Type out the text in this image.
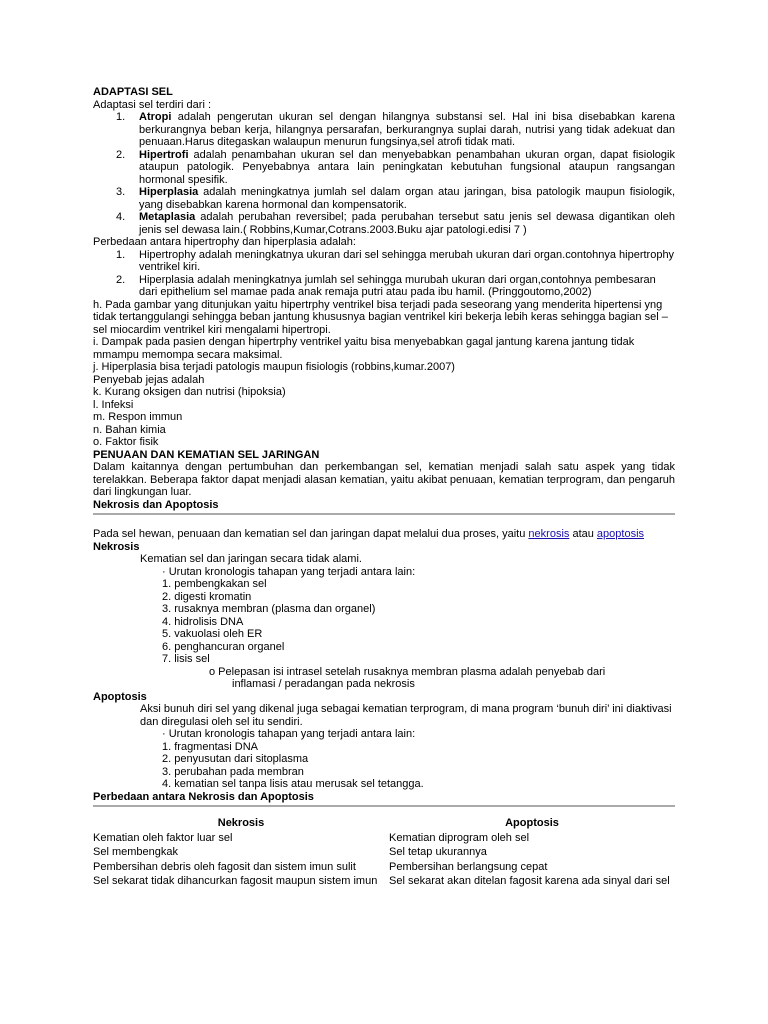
ADAPTASI SEL

Adaptasi sel terdiri dari :

1. Atropi adalah pengerutan ukuran sel dengan hilangnya substansi sel. Hal ini bisa disebabkan karena berkurangnya beban kerja, hilangnya persarafan, berkurangnya suplai darah, nutrisi yang tidak adekuat dan penuaan.Harus ditegaskan walaupun menurun fungsinya,sel atrofi tidak mati.
2. Hipertrofi adalah penambahan ukuran sel dan menyebabkan penambahan ukuran organ, dapat fisiologik ataupun patologik. Penyebabnya antara lain peningkatan kebutuhan fungsional ataupun rangsangan hormonal spesifik.
3. Hiperplasia adalah meningkatnya jumlah sel dalam organ atau jaringan, bisa patologik maupun fisiologik, yang disebabkan karena hormonal dan kompensatorik.
4. Metaplasia adalah perubahan reversibel; pada perubahan tersebut satu jenis sel dewasa digantikan oleh jenis sel dewasa lain.( Robbins,Kumar,Cotrans.2003.Buku ajar patologi.edisi 7 )

Perbedaan antara hipertrophy dan hiperplasia adalah:

1. Hipertrophy adalah meningkatnya ukuran dari sel sehingga merubah ukuran dari organ.contohnya hipertrophy ventrikel kiri.
2. Hiperplasia adalah meningkatnya jumlah sel sehingga murubah ukuran dari organ,contohnya pembesaran dari epithelium sel mamae pada anak remaja putri atau pada ibu hamil. (Pringgoutomo,2002)

h. Pada gambar yang ditunjukan yaitu hipertrphy ventrikel bisa terjadi pada seseorang yang menderita hipertensi yng tidak tertanggulangi sehingga beban jantung khususnya bagian ventrikel kiri bekerja lebih keras sehingga bagian sel –sel miocardim ventrikel kiri mengalami hipertropi.

i. Dampak pada pasien dengan hipertrphy ventrikel yaitu bisa menyebabkan gagal jantung karena jantung tidak mmampu memompa secara maksimal.

j. Hiperplasia bisa terjadi patologis maupun fisiologis (robbins,kumar.2007)

Penyebab jejas adalah

k. Kurang oksigen dan nutrisi (hipoksia)

l. Infeksi

m. Respon immun

n. Bahan kimia

o. Faktor fisik

PENUAAN DAN KEMATIAN SEL JARINGAN

Dalam kaitannya dengan pertumbuhan dan perkembangan sel, kematian menjadi salah satu aspek yang tidak terelakkan. Beberapa faktor dapat menjadi alasan kematian, yaitu akibat penuaan, kematian terprogram, dan pengaruh dari lingkungan luar.

Nekrosis dan Apoptosis

Pada sel hewan, penuaan dan kematian sel dan jaringan dapat melalui dua proses, yaitu nekrosis atau apoptosis

Nekrosis

Kematian sel dan jaringan secara tidak alami.

· Urutan kronologis tahapan yang terjadi antara lain:

1. pembengkakan sel

2. digesti kromatin

3. rusaknya membran (plasma dan organel)

4. hidrolisis DNA

5. vakuolasi oleh ER

6. penghancuran organel

7. lisis sel

o Pelepasan isi intrasel setelah rusaknya membran plasma adalah penyebab dari

inflamasi / peradangan pada nekrosis

Apoptosis

Aksi bunuh diri sel yang dikenal juga sebagai kematian terprogram, di mana program ‘bunuh diri’ ini diaktivasi dan diregulasi oleh sel itu sendiri.

· Urutan kronologis tahapan yang terjadi antara lain:

1. fragmentasi DNA

2. penyusutan dari sitoplasma

3. perubahan pada membran

4. kematian sel tanpa lisis atau merusak sel tetangga.

Perbedaan antara Nekrosis dan Apoptosis

Nekrosis	Apoptosis
Kematian oleh faktor luar sel	Kematian diprogram oleh sel
Sel membengkak	Sel tetap ukurannya
Pembersihan debris oleh fagosit dan sistem imun sulit	Pembersihan berlangsung cepat
Sel sekarat tidak dihancurkan fagosit maupun sistem imun	Sel sekarat akan ditelan fagosit karena ada sinyal dari sel
